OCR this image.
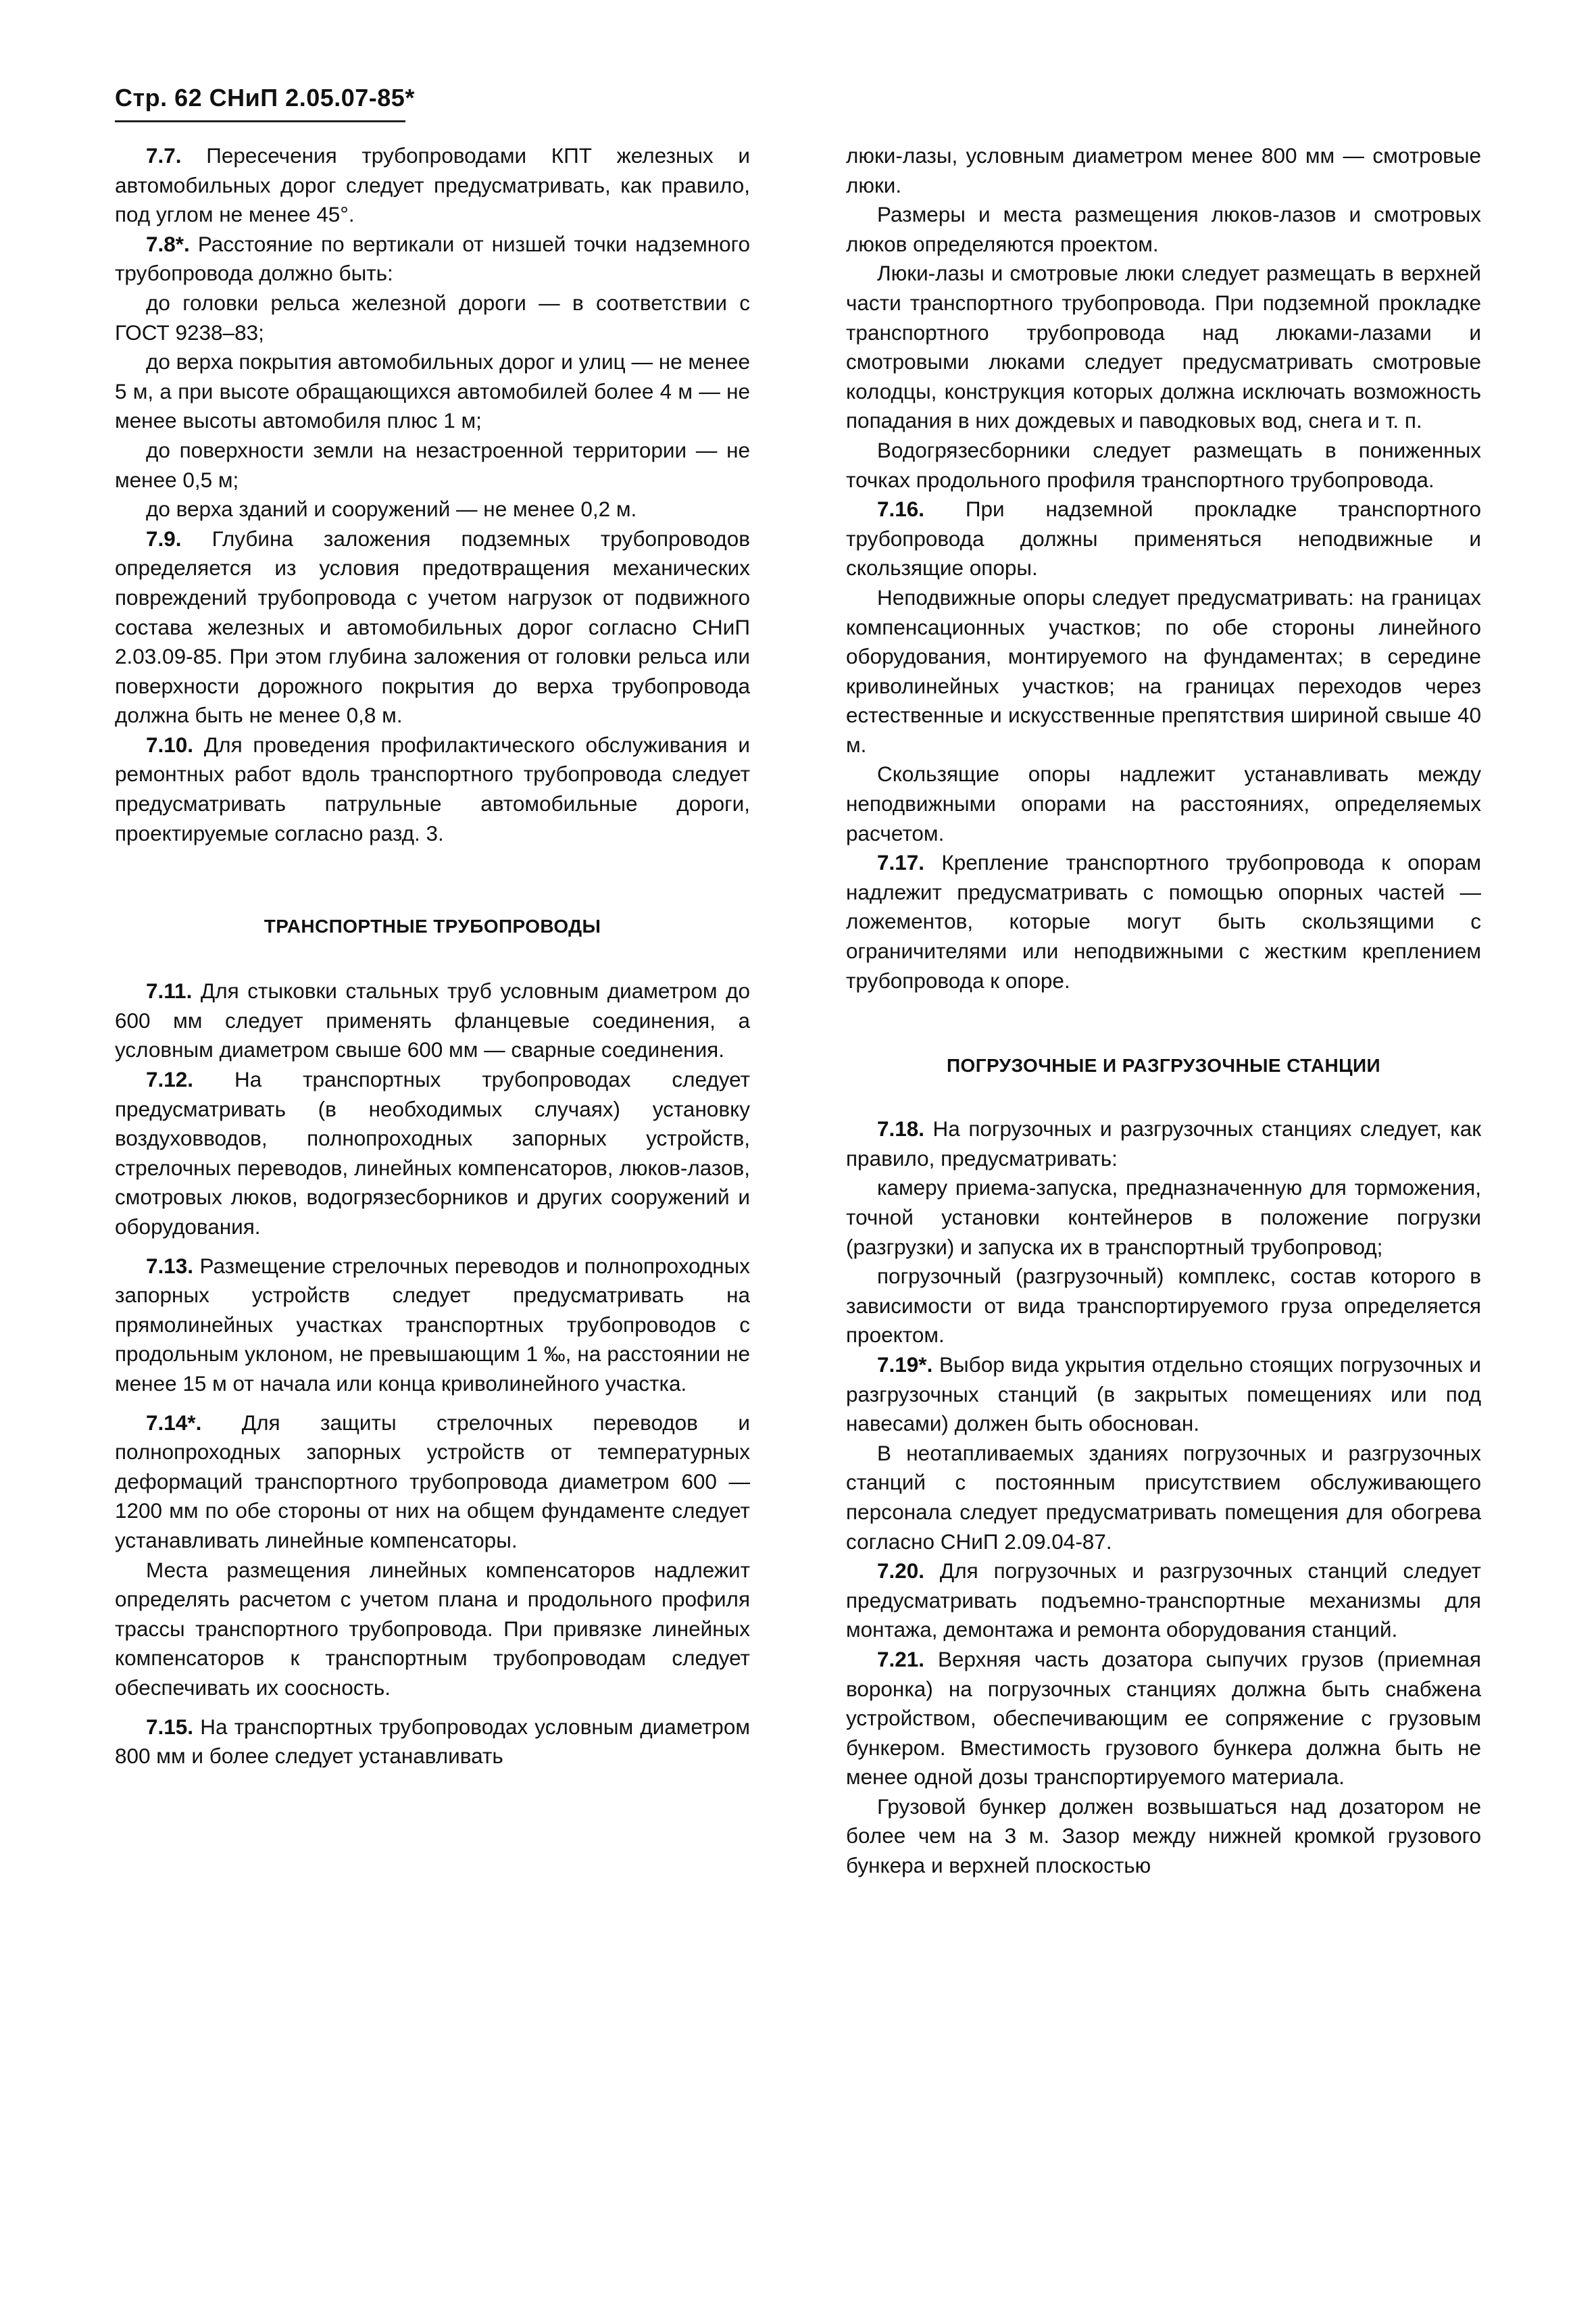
Стр. 62 СНиП 2.05.07-85*

7.7. Пересечения трубопроводами КПТ железных и автомобильных дорог следует предусматривать, как правило, под углом не менее 45°.

7.8*. Расстояние по вертикали от низшей точки надземного трубопровода должно быть:

до головки рельса железной дороги — в соответствии с ГОСТ 9238–83;

до верха покрытия автомобильных дорог и улиц — не менее 5 м, а при высоте обращающихся автомобилей более 4 м — не менее высоты автомобиля плюс 1 м;

до поверхности земли на незастроенной территории — не менее 0,5 м;

до верха зданий и сооружений — не менее 0,2 м.

7.9. Глубина заложения подземных трубопроводов определяется из условия предотвращения механических повреждений трубопровода с учетом нагрузок от подвижного состава железных и автомобильных дорог согласно СНиП 2.03.09-85. При этом глубина заложения от головки рельса или поверхности дорожного покрытия до верха трубопровода должна быть не менее 0,8 м.

7.10. Для проведения профилактического обслуживания и ремонтных работ вдоль транспортного трубопровода следует предусматривать патрульные автомобильные дороги, проектируемые согласно разд. 3.

ТРАНСПОРТНЫЕ ТРУБОПРОВОДЫ

7.11. Для стыковки стальных труб условным диаметром до 600 мм следует применять фланцевые соединения, а условным диаметром свыше 600 мм — сварные соединения.

7.12. На транспортных трубопроводах следует предусматривать (в необходимых случаях) установку воздуховводов, полнопроходных запорных устройств, стрелочных переводов, линейных компенсаторов, люков-лазов, смотровых люков, водогрязесборников и других сооружений и оборудования.

7.13. Размещение стрелочных переводов и полнопроходных запорных устройств следует предусматривать на прямолинейных участках транспортных трубопроводов с продольным уклоном, не превышающим 1 ‰, на расстоянии не менее 15 м от начала или конца криволинейного участка.

7.14*. Для защиты стрелочных переводов и полнопроходных запорных устройств от температурных деформаций транспортного трубопровода диаметром 600 — 1200 мм по обе стороны от них на общем фундаменте следует устанавливать линейные компенсаторы.

Места размещения линейных компенсаторов надлежит определять расчетом с учетом плана и продольного профиля трассы транспортного трубопровода. При привязке линейных компенсаторов к транспортным трубопроводам следует обеспечивать их соосность.

7.15. На транспортных трубопроводах условным диаметром 800 мм и более следует устанавливать

люки-лазы, условным диаметром менее 800 мм — смотровые люки.

Размеры и места размещения люков-лазов и смотровых люков определяются проектом.

Люки-лазы и смотровые люки следует размещать в верхней части транспортного трубопровода. При подземной прокладке транспортного трубопровода над люками-лазами и смотровыми люками следует предусматривать смотровые колодцы, конструкция которых должна исключать возможность попадания в них дождевых и паводковых вод, снега и т. п.

Водогрязесборники следует размещать в пониженных точках продольного профиля транспортного трубопровода.

7.16. При надземной прокладке транспортного трубопровода должны применяться неподвижные и скользящие опоры.

Неподвижные опоры следует предусматривать: на границах компенсационных участков; по обе стороны линейного оборудования, монтируемого на фундаментах; в середине криволинейных участков; на границах переходов через естественные и искусственные препятствия шириной свыше 40 м.

Скользящие опоры надлежит устанавливать между неподвижными опорами на расстояниях, определяемых расчетом.

7.17. Крепление транспортного трубопровода к опорам надлежит предусматривать с помощью опорных частей — ложементов, которые могут быть скользящими с ограничителями или неподвижными с жестким креплением трубопровода к опоре.

ПОГРУЗОЧНЫЕ И РАЗГРУЗОЧНЫЕ СТАНЦИИ

7.18. На погрузочных и разгрузочных станциях следует, как правило, предусматривать:

камеру приема-запуска, предназначенную для торможения, точной установки контейнеров в положение погрузки (разгрузки) и запуска их в транспортный трубопровод;

погрузочный (разгрузочный) комплекс, состав которого в зависимости от вида транспортируемого груза определяется проектом.

7.19*. Выбор вида укрытия отдельно стоящих погрузочных и разгрузочных станций (в закрытых помещениях или под навесами) должен быть обоснован.

В неотапливаемых зданиях погрузочных и разгрузочных станций с постоянным присутствием обслуживающего персонала следует предусматривать помещения для обогрева согласно СНиП 2.09.04-87.

7.20. Для погрузочных и разгрузочных станций следует предусматривать подъемно-транспортные механизмы для монтажа, демонтажа и ремонта оборудования станций.

7.21. Верхняя часть дозатора сыпучих грузов (приемная воронка) на погрузочных станциях должна быть снабжена устройством, обеспечивающим ее сопряжение с грузовым бункером. Вместимость грузового бункера должна быть не менее одной дозы транспортируемого материала.

Грузовой бункер должен возвышаться над дозатором не более чем на 3 м. Зазор между нижней кромкой грузового бункера и верхней плоскостью
